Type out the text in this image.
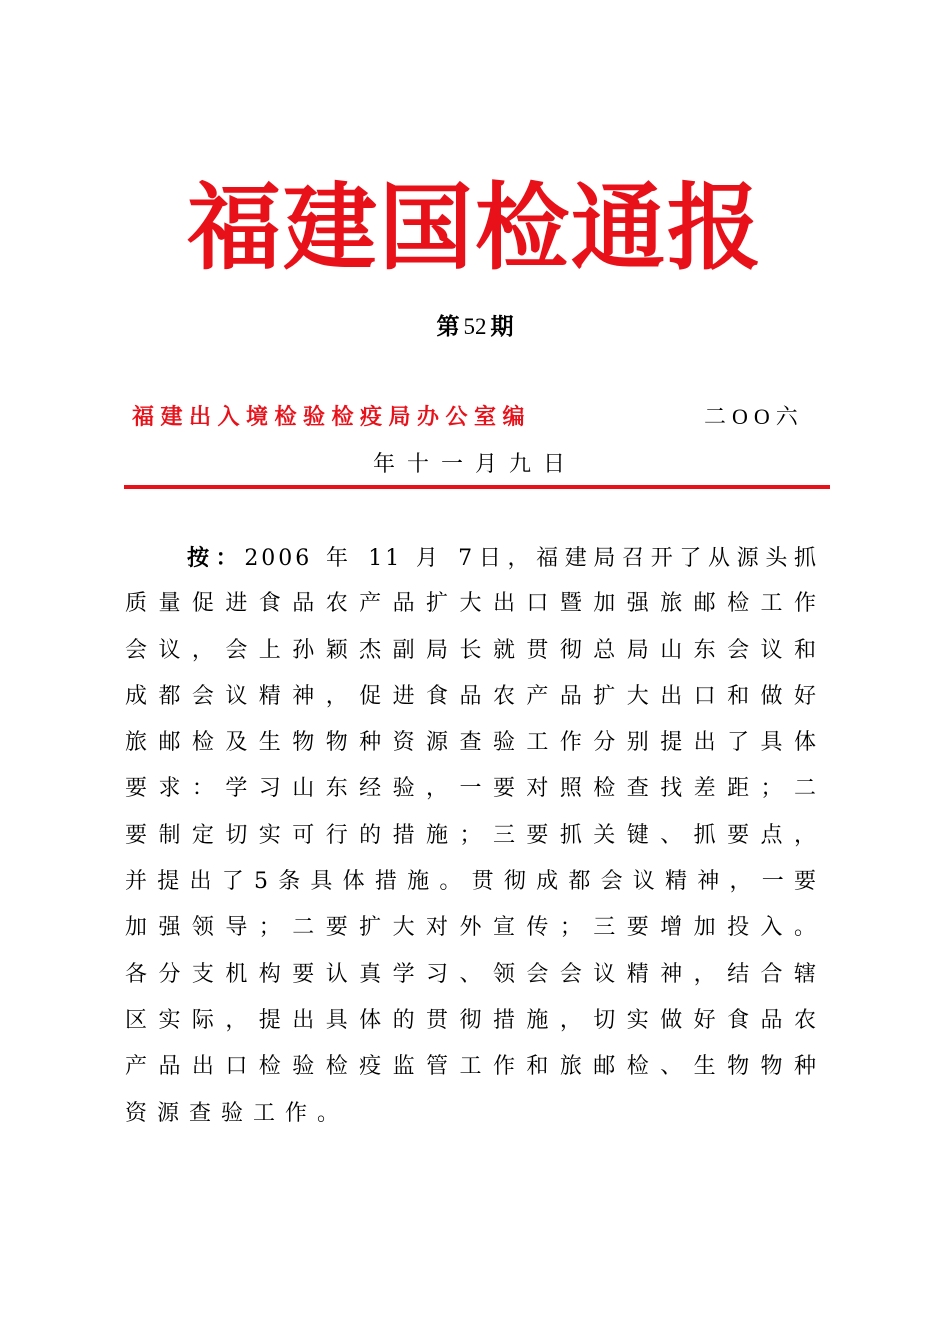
福建国检通报
第 52 期
福建出入境检验检疫局办公室编	二OO六
年十一月九日
按：2006 年 11 月 7日，福建局召开了从源头抓
质量促进食品农产品扩大出口暨加强旅邮检工作
会议，会上孙颖杰副局长就贯彻总局山东会议和
成都会议精神，促进食品农产品扩大出口和做好
旅邮检及生物物种资源查验工作分别提出了具体
要求：学习山东经验，一要对照检查找差距；二
要制定切实可行的措施；三要抓关键、抓要点，
并提出了5条具体措施。贯彻成都会议精神，一要
加强领导；二要扩大对外宣传；三要增加投入。
各分支机构要认真学习、领会会议精神，结合辖
区实际，提出具体的贯彻措施，切实做好食品农
产品出口检验检疫监管工作和旅邮检、生物物种
资源查验工作。
